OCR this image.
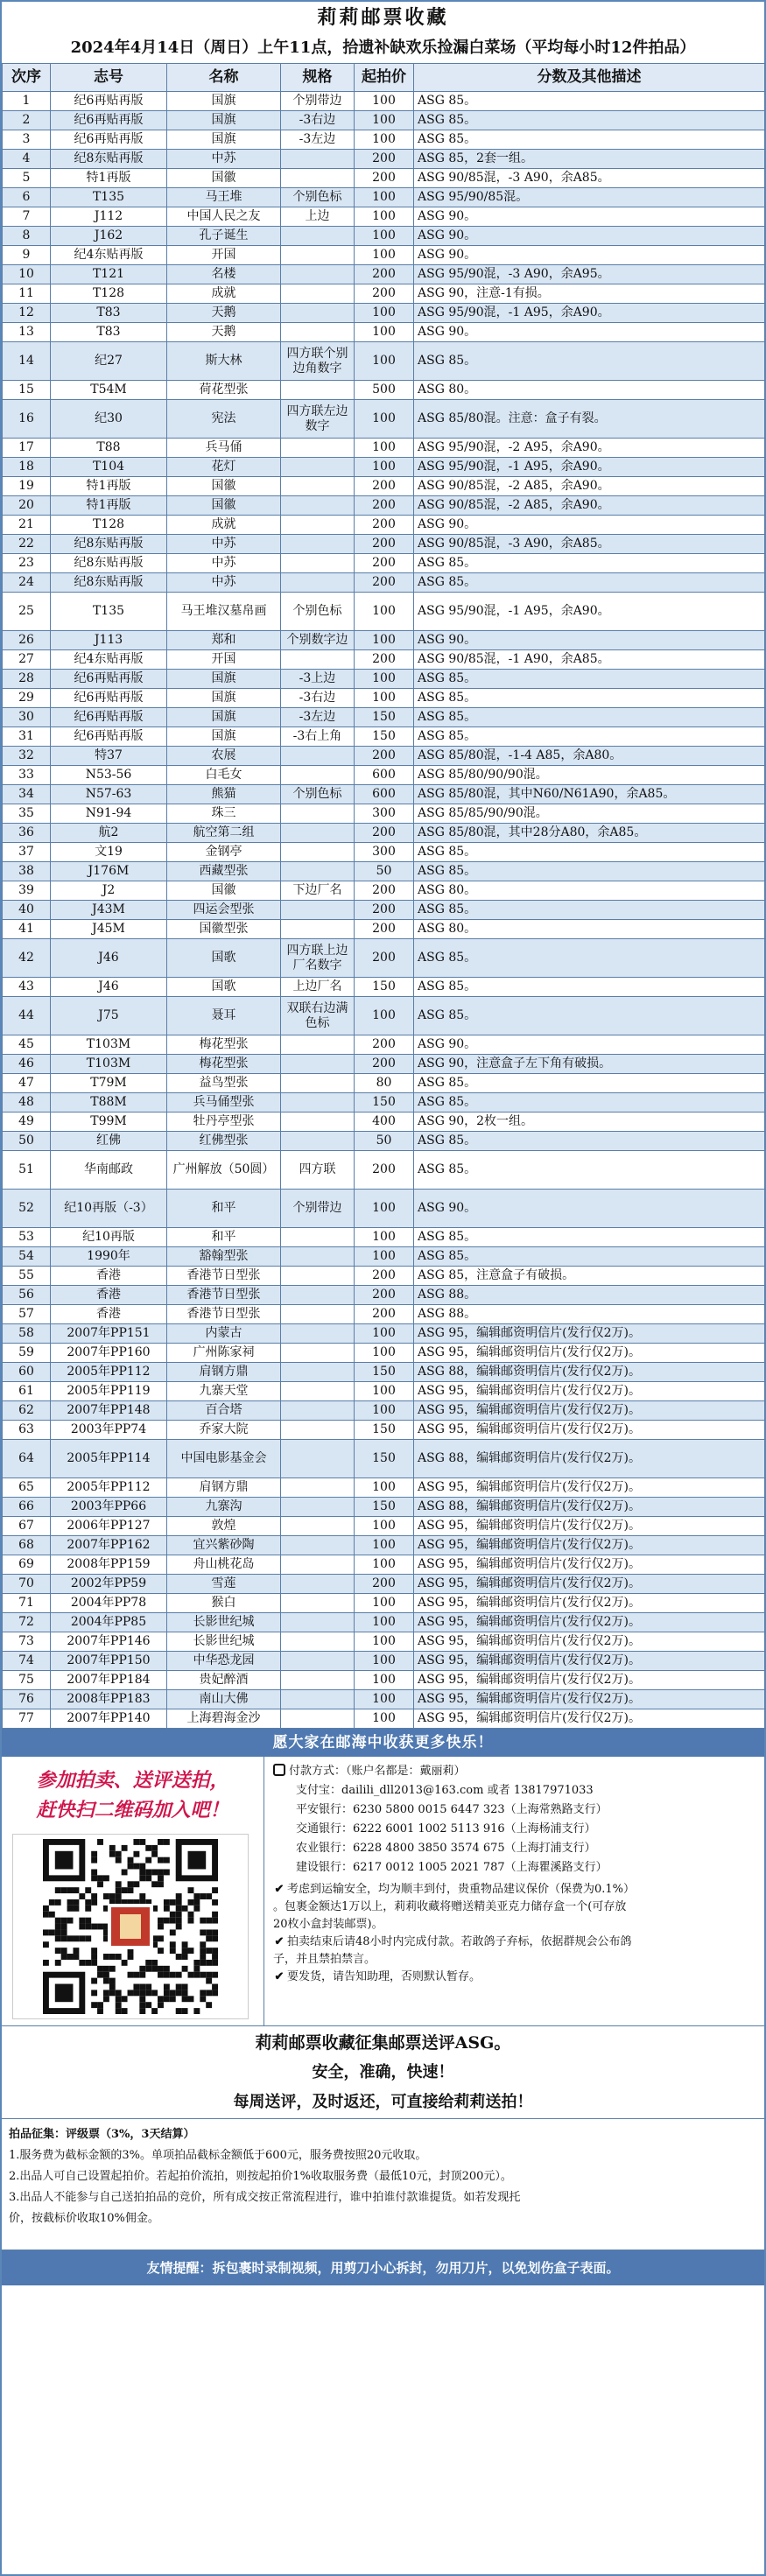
莉莉邮票收藏
2024年4月14日（周日）上午11点，拾遗补缺欢乐捡漏白菜场（平均每小时12件拍品）
次序	志号	名称	规格	起拍价	分数及其他描述
1	纪6再贴再版	国旗	个别带边	100	ASG 85。
2	纪6再贴再版	国旗	-3右边	100	ASG 85。
3	纪6再贴再版	国旗	-3左边	100	ASG 85。
4	纪8东贴再版	中苏		200	ASG 85，2套一组。
5	特1再版	国徽		200	ASG 90/85混，-3 A90，余A85。
6	T135	马王堆	个别色标	100	ASG 95/90/85混。
7	J112	中国人民之友	上边	100	ASG 90。
8	J162	孔子诞生		100	ASG 90。
9	纪4东贴再版	开国		100	ASG 90。
10	T121	名楼		200	ASG 95/90混，-3 A90，余A95。
11	T128	成就		200	ASG 90，注意-1有损。
12	T83	天鹅		100	ASG 95/90混，-1 A95，余A90。
13	T83	天鹅		100	ASG 90。
14	纪27	斯大林	四方联个别边角数字	100	ASG 85。
15	T54M	荷花型张		500	ASG 80。
16	纪30	宪法	四方联左边数字	100	ASG 85/80混。注意：盒子有裂。
17	T88	兵马俑		100	ASG 95/90混，-2 A95，余A90。
18	T104	花灯		100	ASG 95/90混，-1 A95，余A90。
19	特1再版	国徽		200	ASG 90/85混，-2 A85，余A90。
20	特1再版	国徽		200	ASG 90/85混，-2 A85，余A90。
21	T128	成就		200	ASG 90。
22	纪8东贴再版	中苏		200	ASG 90/85混，-3 A90，余A85。
23	纪8东贴再版	中苏		200	ASG 85。
24	纪8东贴再版	中苏		200	ASG 85。
25	T135	马王堆汉墓帛画	个别色标	100	ASG 95/90混，-1 A95，余A90。
26	J113	郑和	个别数字边	100	ASG 90。
27	纪4东贴再版	开国		200	ASG 90/85混，-1 A90，余A85。
28	纪6再贴再版	国旗	-3上边	100	ASG 85。
29	纪6再贴再版	国旗	-3右边	100	ASG 85。
30	纪6再贴再版	国旗	-3左边	150	ASG 85。
31	纪6再贴再版	国旗	-3右上角	150	ASG 85。
32	特37	农展		200	ASG 85/80混，-1-4 A85，余A80。
33	N53-56	白毛女		600	ASG 85/80/90/90混。
34	N57-63	熊猫	个别色标	600	ASG 85/80混，其中N60/N61A90，余A85。
35	N91-94	珠三		300	ASG 85/85/90/90混。
36	航2	航空第二组		200	ASG 85/80混，其中28分A80，余A85。
37	文19	金钢亭		300	ASG 85。
38	J176M	西藏型张		50	ASG 85。
39	J2	国徽	下边厂名	200	ASG 80。
40	J43M	四运会型张		200	ASG 85。
41	J45M	国徽型张		200	ASG 80。
42	J46	国歌	四方联上边厂名数字	200	ASG 85。
43	J46	国歌	上边厂名	150	ASG 85。
44	J75	聂耳	双联右边满色标	100	ASG 85。
45	T103M	梅花型张		200	ASG 90。
46	T103M	梅花型张		200	ASG 90，注意盒子左下角有破损。
47	T79M	益鸟型张		80	ASG 85。
48	T88M	兵马俑型张		150	ASG 85。
49	T99M	牡丹亭型张		400	ASG 90，2枚一组。
50	红佛	红佛型张		50	ASG 85。
51	华南邮政	广州解放（50圆）	四方联	200	ASG 85。
52	纪10再版（-3）	和平	个别带边	100	ASG 90。
53	纪10再版	和平		100	ASG 85。
54	1990年	豁翰型张		100	ASG 85。
55	香港	香港节日型张		200	ASG 85，注意盒子有破损。
56	香港	香港节日型张		200	ASG 88。
57	香港	香港节日型张		200	ASG 88。
58	2007年PP151	内蒙古		100	ASG 95，编辑邮资明信片(发行仅2万)。
59	2007年PP160	广州陈家祠		100	ASG 95，编辑邮资明信片(发行仅2万)。
60	2005年PP112	肩钢方鼎		150	ASG 88，编辑邮资明信片(发行仅2万)。
61	2005年PP119	九寨天堂		100	ASG 95，编辑邮资明信片(发行仅2万)。
62	2007年PP148	百合塔		100	ASG 95，编辑邮资明信片(发行仅2万)。
63	2003年PP74	乔家大院		150	ASG 95，编辑邮资明信片(发行仅2万)。
64	2005年PP114	中国电影基金会		150	ASG 88，编辑邮资明信片(发行仅2万)。
65	2005年PP112	肩钢方鼎		100	ASG 95，编辑邮资明信片(发行仅2万)。
66	2003年PP66	九寨沟		150	ASG 88，编辑邮资明信片(发行仅2万)。
67	2006年PP127	敦煌		100	ASG 95，编辑邮资明信片(发行仅2万)。
68	2007年PP162	宜兴紫砂陶		100	ASG 95，编辑邮资明信片(发行仅2万)。
69	2008年PP159	舟山桃花岛		100	ASG 95，编辑邮资明信片(发行仅2万)。
70	2002年PP59	雪莲		200	ASG 95，编辑邮资明信片(发行仅2万)。
71	2004年PP78	猴白		100	ASG 95，编辑邮资明信片(发行仅2万)。
72	2004年PP85	长影世纪城		100	ASG 95，编辑邮资明信片(发行仅2万)。
73	2007年PP146	长影世纪城		100	ASG 95，编辑邮资明信片(发行仅2万)。
74	2007年PP150	中华恐龙园		100	ASG 95，编辑邮资明信片(发行仅2万)。
75	2007年PP184	贵妃醉酒		100	ASG 95，编辑邮资明信片(发行仅2万)。
76	2008年PP183	南山大佛		100	ASG 95，编辑邮资明信片(发行仅2万)。
77	2007年PP140	上海碧海金沙		100	ASG 95，编辑邮资明信片(发行仅2万)。
愿大家在邮海中收获更多快乐！
参加拍卖、送评送拍，
赶快扫二维码加入吧！
付款方式：（账户名都是：戴丽莉）
支付宝：dailili_dll2013@163.com 或者 13817971033
平安银行：6230 5800 0015 6447 323（上海常熟路支行）
交通银行：6222 6001 1002 5113 916（上海杨浦支行）
农业银行：6228 4800 3850 3574 675（上海打浦支行）
建设银行：6217 0012 1005 2021 787（上海瞿溪路支行）
✔ 考虑到运输安全，均为顺丰到付，贵重物品建议保价（保费为0.1%）
。包裹金额达1万以上，莉莉收藏将赠送精美亚克力储存盒一个(可存放
20枚小盒封装邮票)。
✔ 拍卖结束后请48小时内完成付款。若敢鸽子弃标，依据群规会公布鸽
子，并且禁拍禁言。
✔ 要发货，请告知助理，否则默认暂存。
莉莉邮票收藏征集邮票送评ASG。
安全，准确，快速！
每周送评，及时返还，可直接给莉莉送拍！
拍品征集：评级票（3%，3天结算）
1.服务费为截标金额的3%。单项拍品截标金额低于600元，服务费按照20元收取。
2.出品人可自己设置起拍价。若起拍价流拍，则按起拍价1%收取服务费（最低10元，封顶200元）。
3.出品人不能参与自己送拍拍品的竞价，所有成交按正常流程进行，谁中拍谁付款谁提货。如若发现托
价，按截标价收取10%佣金。
友情提醒：拆包裹时录制视频，用剪刀小心拆封，勿用刀片，以免划伤盒子表面。
